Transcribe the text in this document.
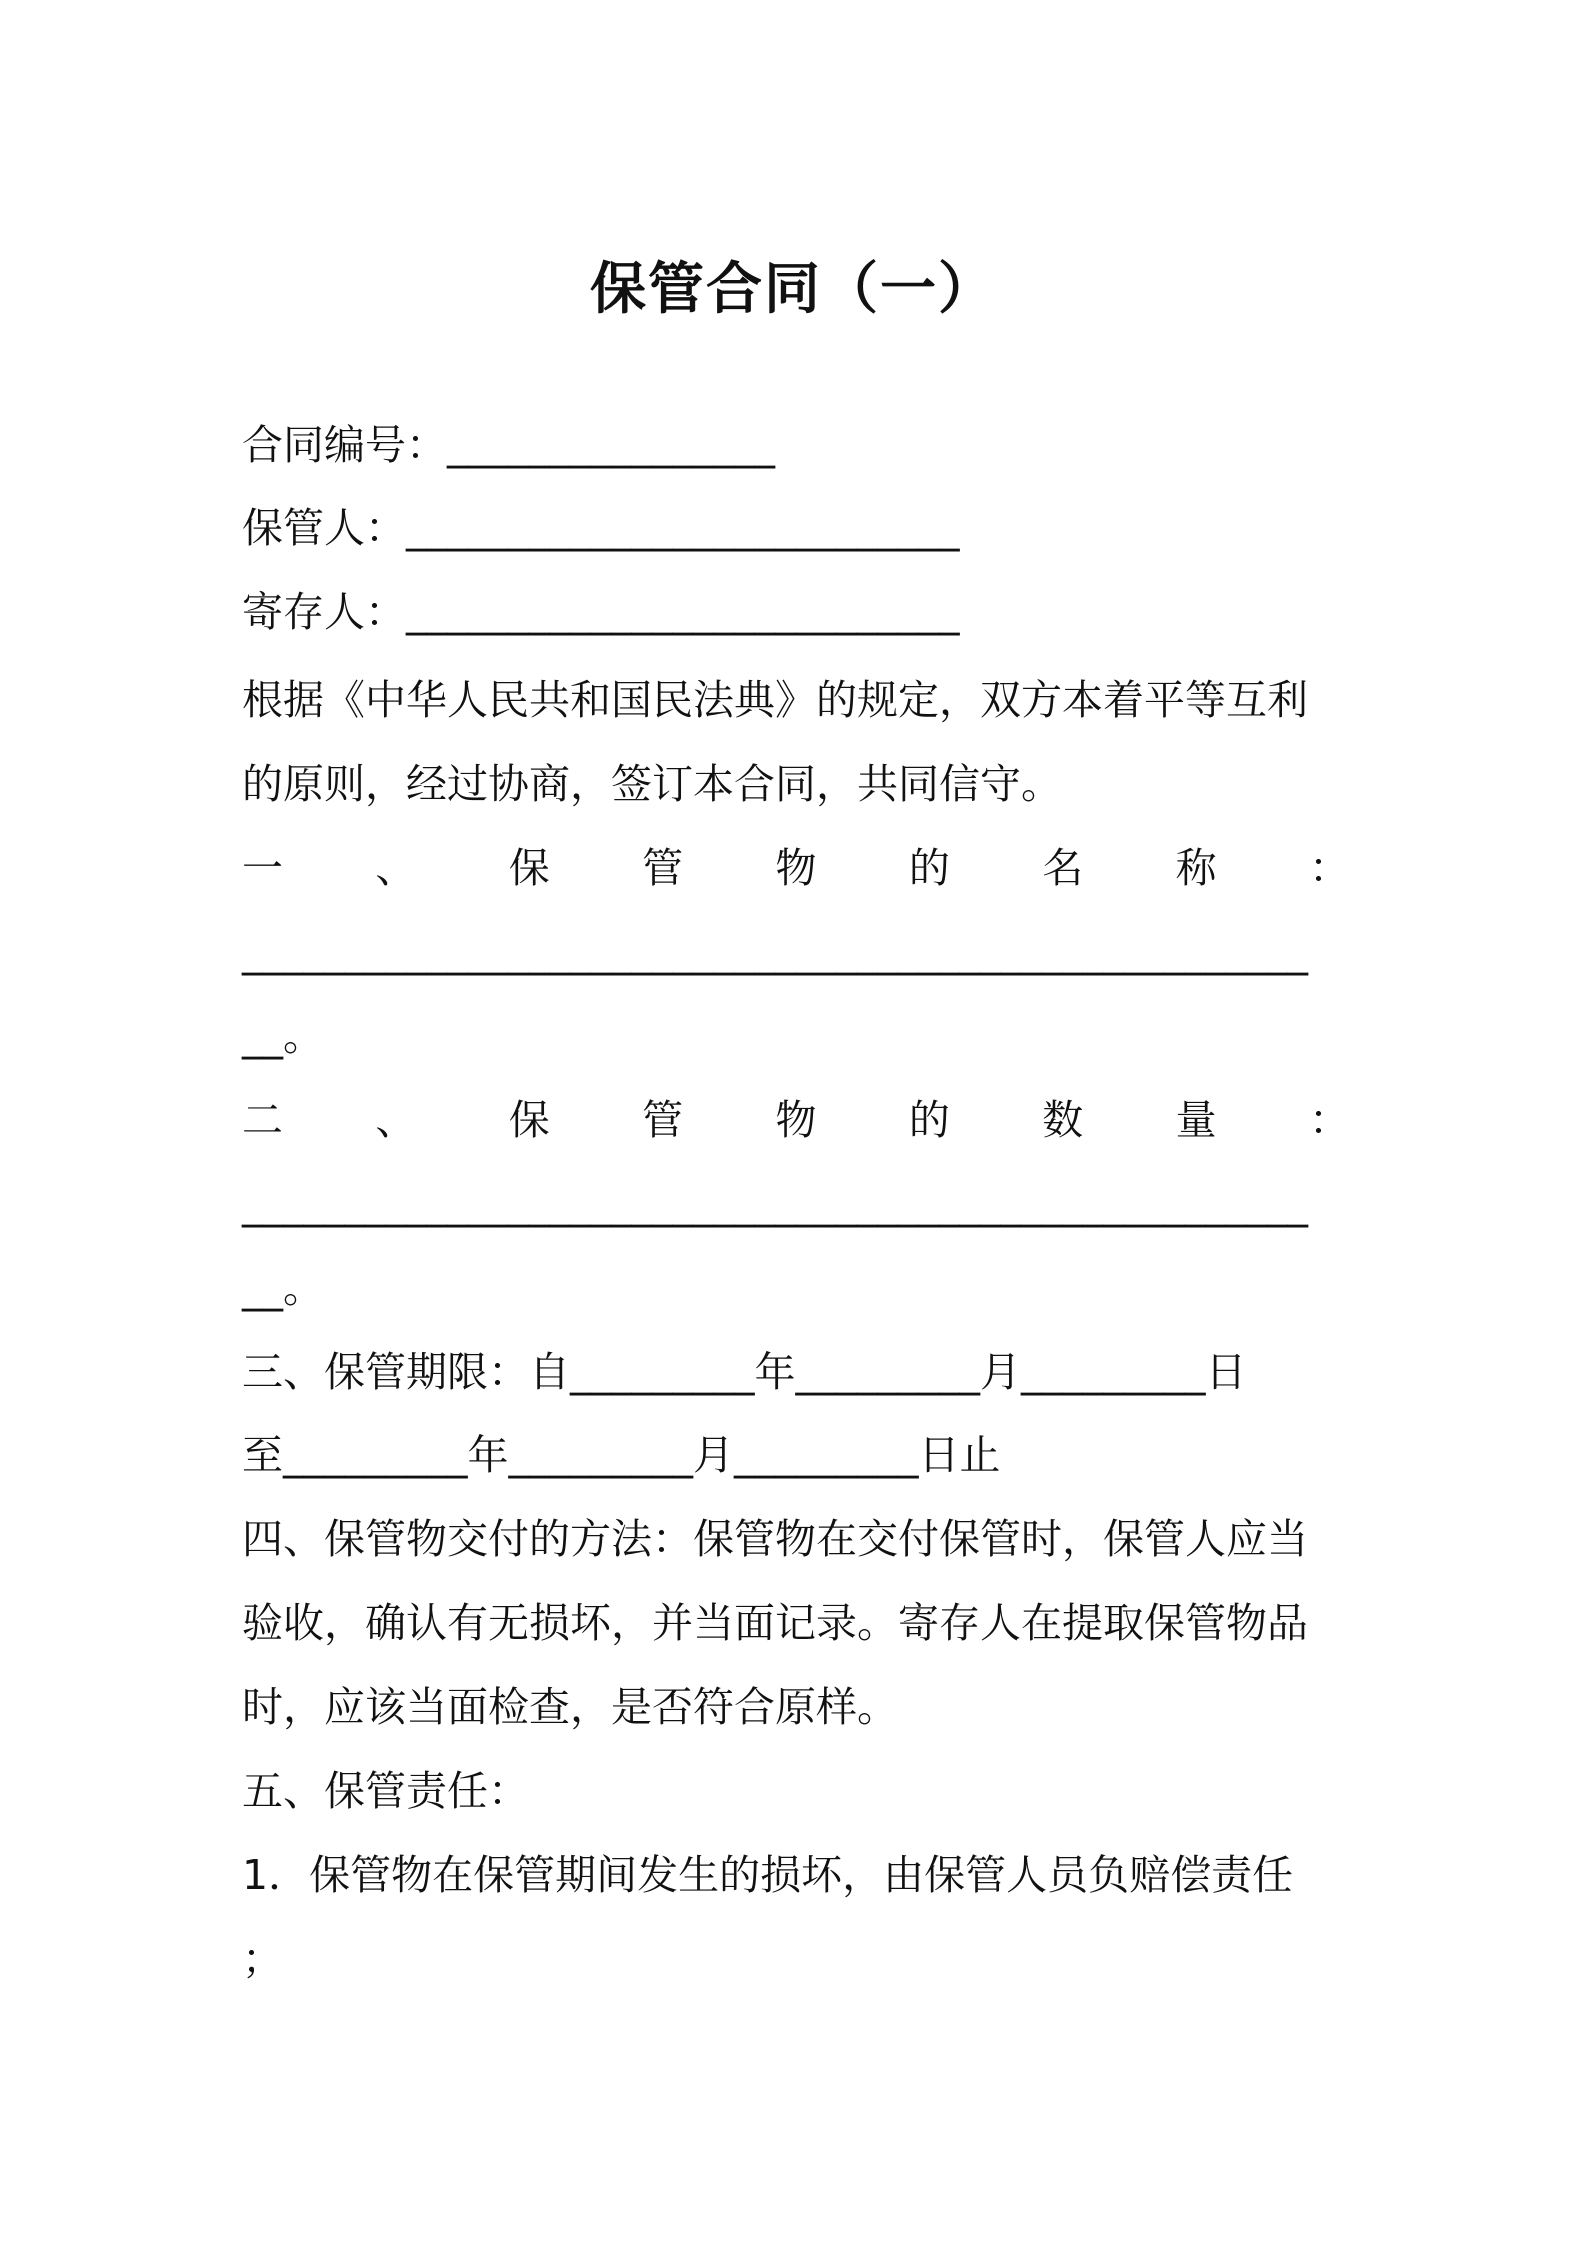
保管合同（一）
合同编号：________________
保管人：___________________________
寄存人：___________________________
根据《中华人民共和国民法典》的规定，双方本着平等互利
的原则，经过协商，签订本合同，共同信守。
一 、 保 管 物 的 名 称 ：
____________________________________________________
__。
二 、 保 管 物 的 数 量 ：
____________________________________________________
__。
三、保管期限：自_________年_________月_________日
至_________年_________月_________日止
四、保管物交付的方法：保管物在交付保管时，保管人应当
验收，确认有无损坏，并当面记录。寄存人在提取保管物品
时，应该当面检查，是否符合原样。
五、保管责任：
1．保管物在保管期间发生的损坏，由保管人员负赔偿责任
；
